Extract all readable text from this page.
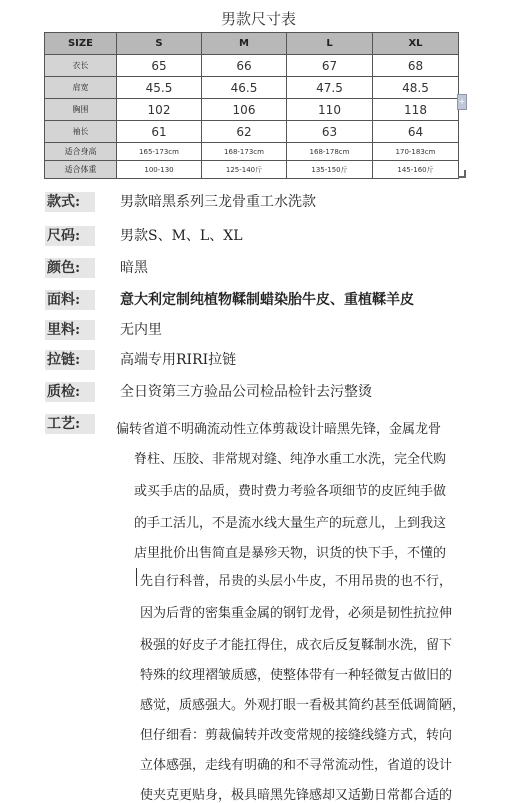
男款尺寸表
SIZE	S	M	L	XL
衣长	65	66	67	68
肩宽	45.5	46.5	47.5	48.5
胸围	102	106	110	118
袖长	61	62	63	64
适合身高	165-173cm	168-173cm	168-178cm	170-183cm
适合体重	100-130	125-140斤	135-150斤	145-160斤
+
款式:	男款暗黑系列三龙骨重工水洗款
尺码:	男款S、M、L、XL
颜色:	暗黑
面料:	意大利定制纯植物鞣制蜡染胎牛皮、重植鞣羊皮
里料:	无内里
拉链:	高端专用RIRI拉链
质检:	全日资第三方验品公司检品检针去污整烫
工艺:	偏转省道不明确流动性立体剪裁设计暗黑先锋，金属龙骨
脊柱、压胶、非常规对缝、纯净水重工水洗，完全代购
或买手店的品质，费时费力考验各项细节的皮匠纯手做
的手工活儿，不是流水线大量生产的玩意儿，上到我这
店里批价出售简直是暴殄天物，识货的快下手，不懂的
先自行科普，吊贵的头层小牛皮，不用吊贵的也不行，
因为后背的密集重金属的钢钉龙骨，必须是韧性抗拉伸
极强的好皮子才能扛得住，成衣后反复鞣制水洗，留下
特殊的纹理褶皱质感，使整体带有一种轻微复古做旧的
感觉，质感强大。外观打眼一看极其简约甚至低调简陋，
但仔细看：剪裁偏转并改变常规的接缝线缝方式，转向
立体感强，走线有明确的和不寻常流动性，省道的设计
使夹克更贴身，极具暗黑先锋感却又适勤日常都合适的
